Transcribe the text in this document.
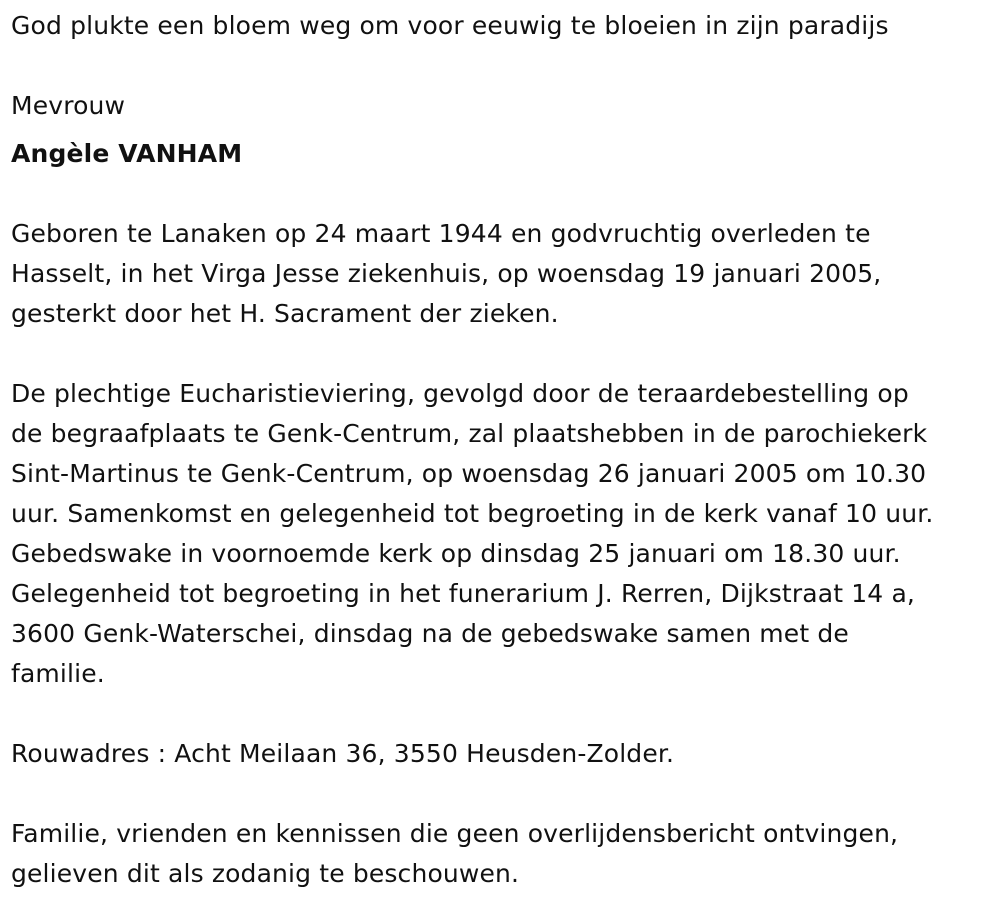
God plukte een bloem weg om voor eeuwig te bloeien in zijn paradijs
Mevrouw
Angèle VANHAM
Geboren te Lanaken op 24 maart 1944 en godvruchtig overleden te
Hasselt, in het Virga Jesse ziekenhuis, op woensdag 19 januari 2005,
gesterkt door het H. Sacrament der zieken.
De plechtige Eucharistieviering, gevolgd door de teraardebestelling op
de begraafplaats te Genk-Centrum, zal plaatshebben in de parochiekerk
Sint-Martinus te Genk-Centrum, op woensdag 26 januari 2005 om 10.30
uur. Samenkomst en gelegenheid tot begroeting in de kerk vanaf 10 uur.
Gebedswake in voornoemde kerk op dinsdag 25 januari om 18.30 uur.
Gelegenheid tot begroeting in het funerarium J. Rerren, Dijkstraat 14 a,
3600 Genk-Waterschei, dinsdag na de gebedswake samen met de
familie.
Rouwadres : Acht Meilaan 36, 3550 Heusden-Zolder.
Familie, vrienden en kennissen die geen overlijdensbericht ontvingen,
gelieven dit als zodanig te beschouwen.
